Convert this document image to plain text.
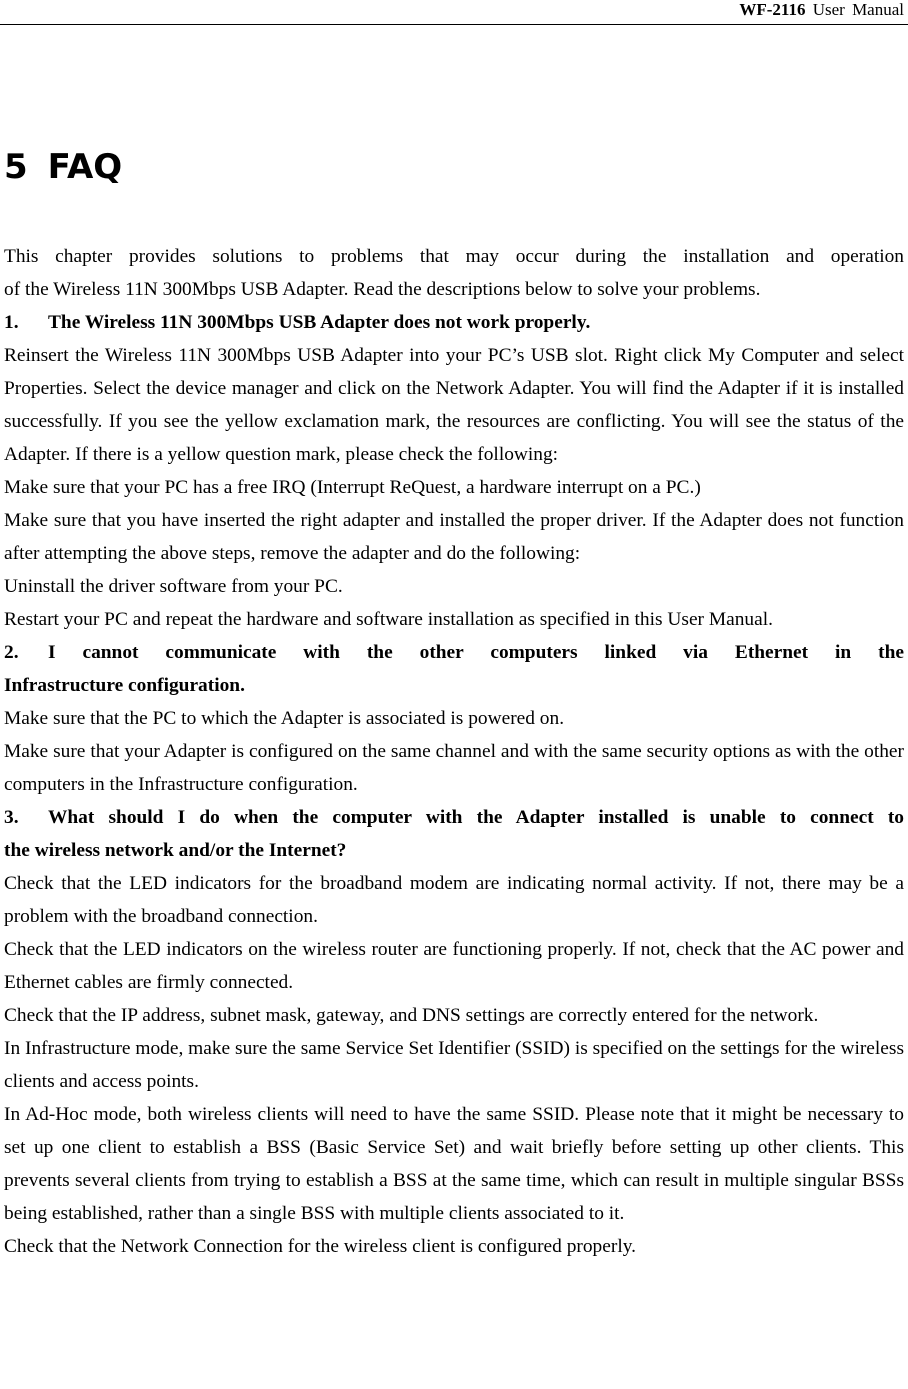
WF-2116 User Manual
5 FAQ

This chapter provides solutions to problems that may occur during the installation and operation

of the Wireless 11N 300Mbps USB Adapter. Read the descriptions below to solve your problems.

1. The Wireless 11N 300Mbps USB Adapter does not work properly.

Reinsert the Wireless 11N 300Mbps USB Adapter into your PC’s USB slot. Right click My Computer and select Properties. Select the device manager and click on the Network Adapter. You will find the Adapter if it is installed successfully. If you see the yellow exclamation mark, the resources are conflicting. You will see the status of the Adapter. If there is a yellow question mark, please check the following:

Make sure that your PC has a free IRQ (Interrupt ReQuest, a hardware interrupt on a PC.)

Make sure that you have inserted the right adapter and installed the proper driver. If the Adapter does not function after attempting the above steps, remove the adapter and do the following:

Uninstall the driver software from your PC.

Restart your PC and repeat the hardware and software installation as specified in this User Manual.

2. I cannot communicate with the other computers linked via Ethernet in the

Infrastructure configuration.

Make sure that the PC to which the Adapter is associated is powered on.

Make sure that your Adapter is configured on the same channel and with the same security options as with the other computers in the Infrastructure configuration.

3. What should I do when the computer with the Adapter installed is unable to connect to

the wireless network and/or the Internet?

Check that the LED indicators for the broadband modem are indicating normal activity. If not, there may be a problem with the broadband connection.

Check that the LED indicators on the wireless router are functioning properly. If not, check that the AC power and Ethernet cables are firmly connected.

Check that the IP address, subnet mask, gateway, and DNS settings are correctly entered for the network.

In Infrastructure mode, make sure the same Service Set Identifier (SSID) is specified on the settings for the wireless clients and access points.

In Ad-Hoc mode, both wireless clients will need to have the same SSID. Please note that it might be necessary to set up one client to establish a BSS (Basic Service Set) and wait briefly before setting up other clients. This prevents several clients from trying to establish a BSS at the same time, which can result in multiple singular BSSs being established, rather than a single BSS with multiple clients associated to it.

Check that the Network Connection for the wireless client is configured properly.
